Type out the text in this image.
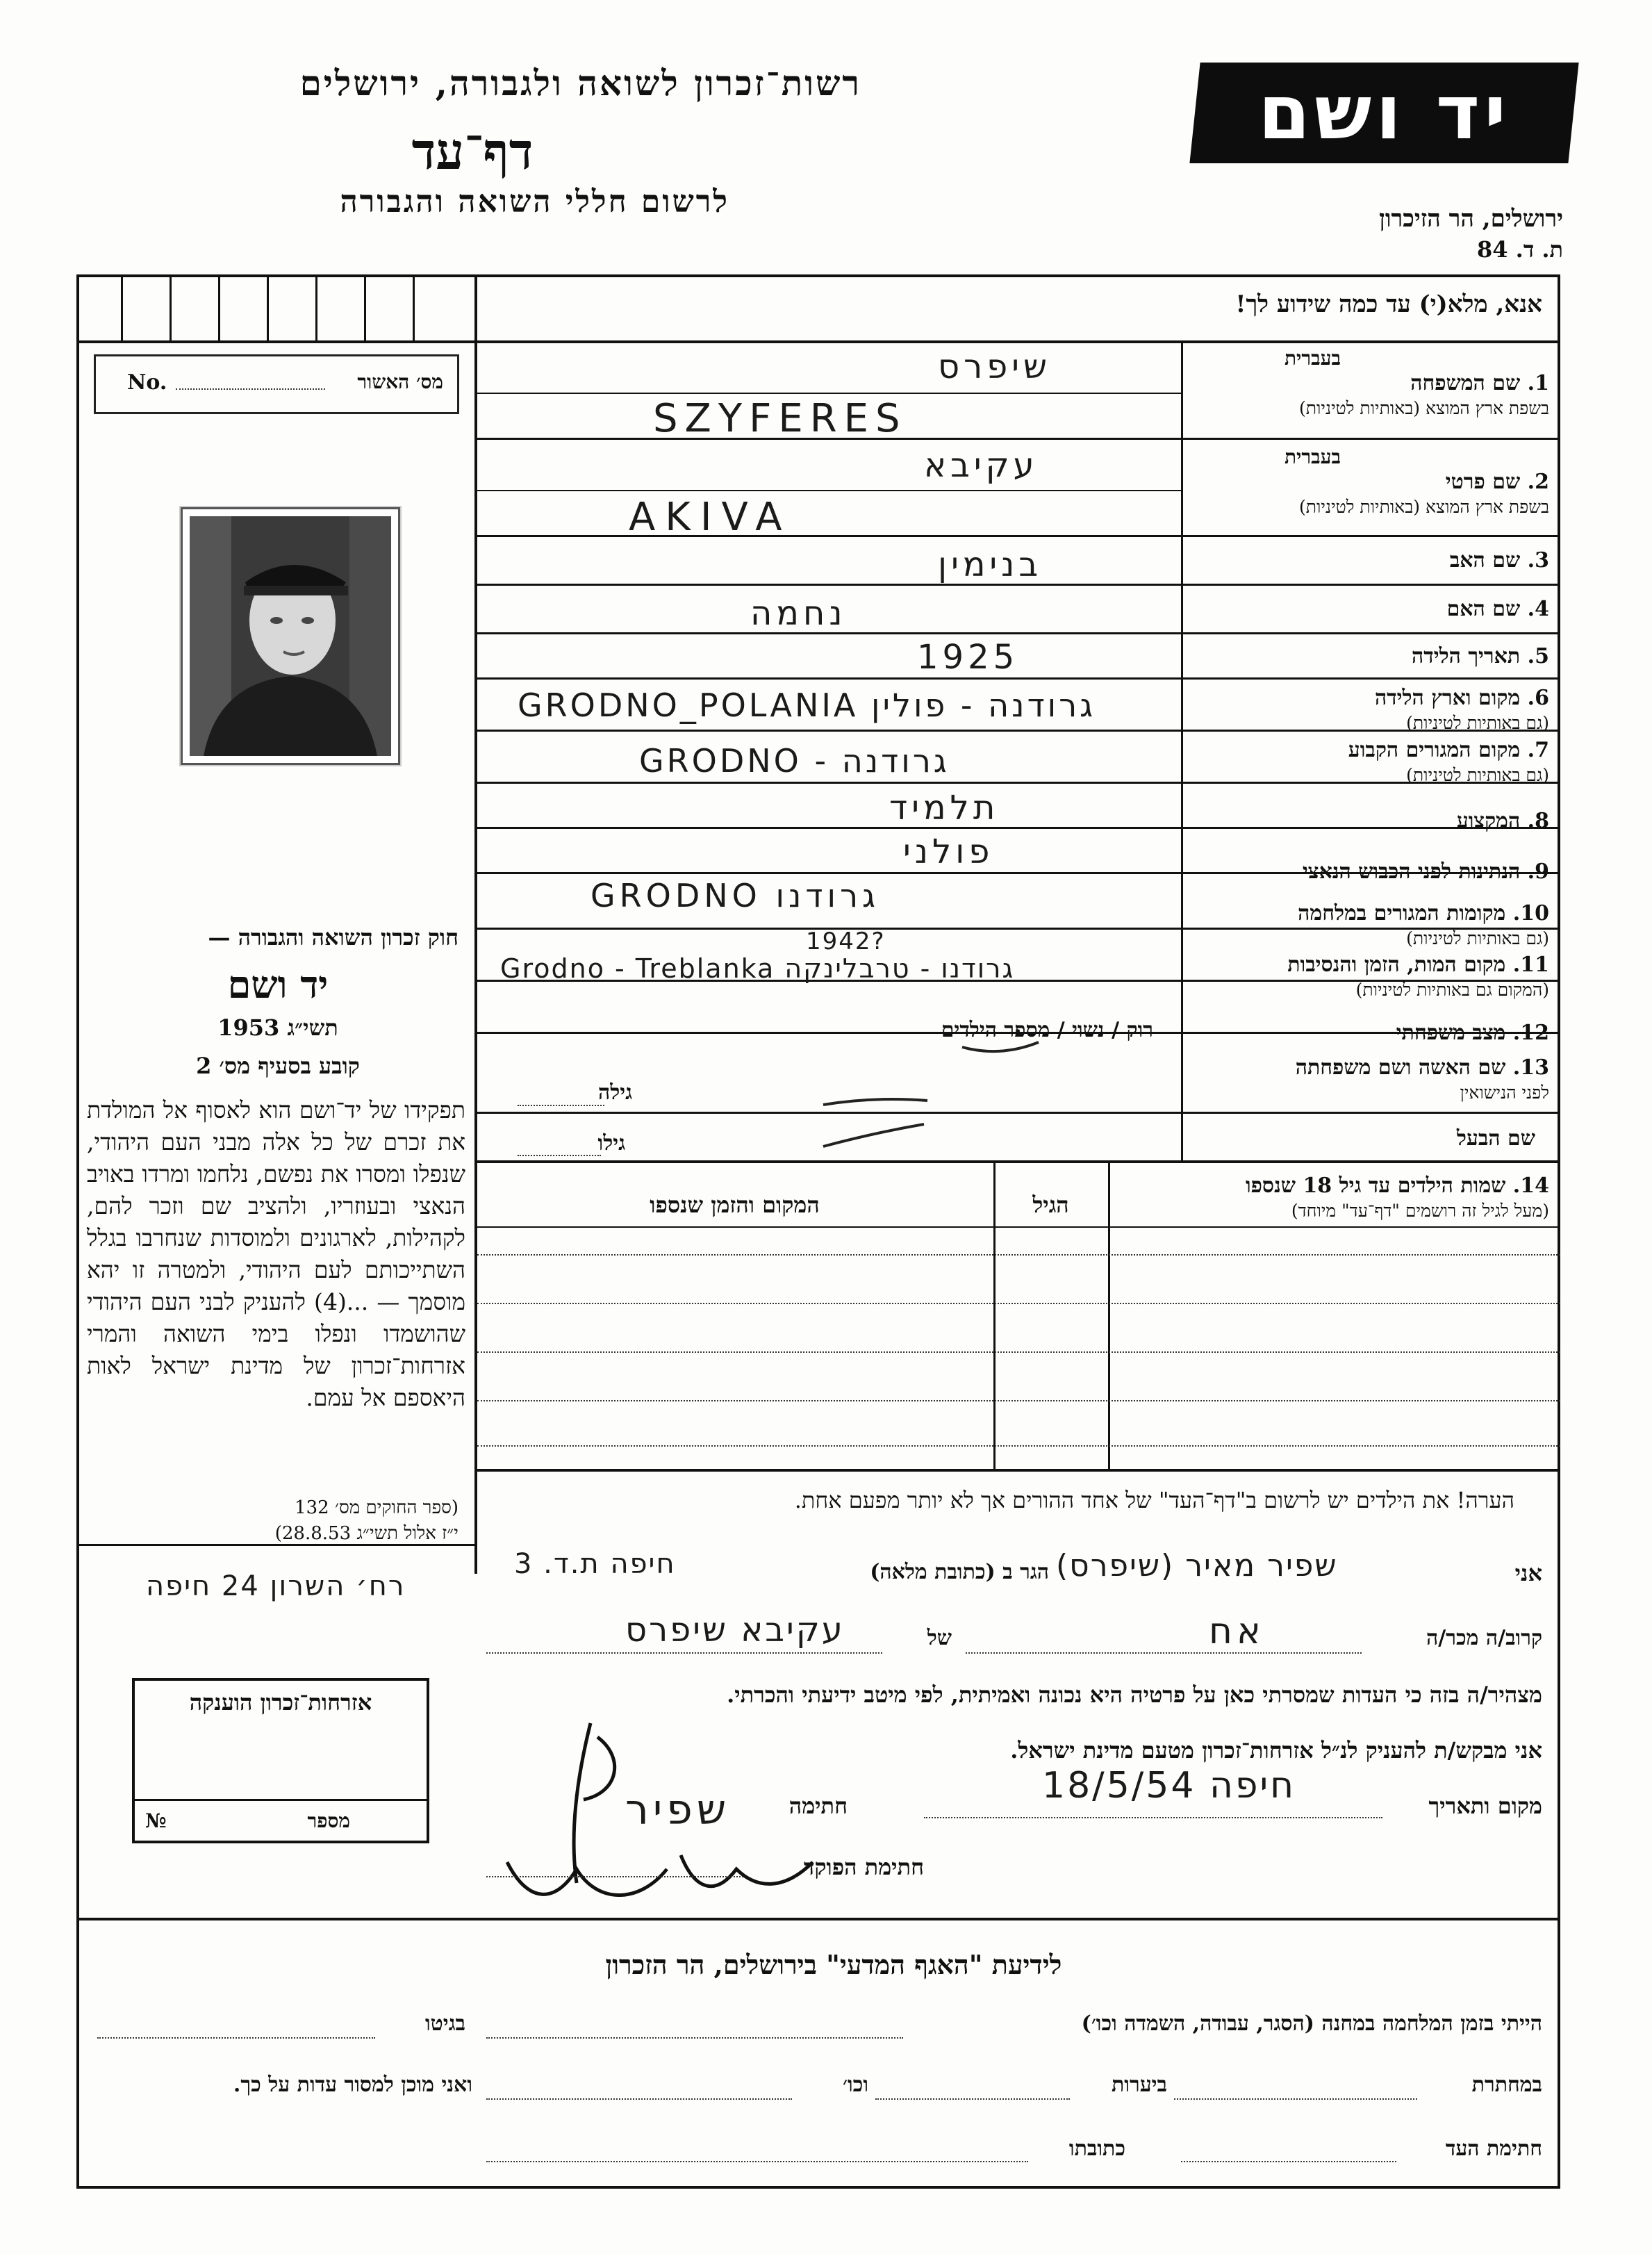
רשות־זכרון לשואה ולגבורה, ירושלים
דף־עד
לרשום חללי השואה והגבורה
יד ושם
ירושלים, הר הזיכרון
ת. ד. 84
אנא, מלא(י) עד כמה שידוע לך!
מס׳ האשור
No.
חוק זכרון השואה והגבורה —
יד ושם
תשי״ג 1953
קובע בסעיף מס׳ 2
תפקידו של יד־ושם הוא לאסוף אל המולדת את זכרם של כל אלה מבני העם היהודי, שנפלו ומסרו את נפשם, נלחמו ומרדו באויב הנאצי ובעוזריו, ולהציב שם וזכר להם, לקהילות, לארגונים ולמוסדות שנחרבו בגלל השתייכותם לעם היהודי, ולמטרה זו יהא מוסמך — ...(4) להעניק לבני העם היהודי שהושמדו ונפלו בימי השואה והמרי אזרחות־זכרון של מדינת ישראל לאות היאספם אל עמם.
(ספר החוקים מס׳ 132
י״ז אלול תשי״ג 28.8.53)
בעברית
1. שם המשפחה
בשפת ארץ המוצא (באותיות לטיניות)
בעברית
2. שם פרטי
בשפת ארץ המוצא (באותיות לטיניות)
3. שם האב
4. שם האם
5. תאריך הלידה
6. מקום וארץ הלידה
(גם באותיות לטיניות)
7. מקום המגורים הקבוע
(גם באותיות לטיניות)
8. המקצוע
9. הנתינות לפני הכבוש הנאצי
10. מקומות המגורים במלחמה
(גם באותיות לטיניות)
11. מקום המות, הזמן והנסיבות
(המקום גם באותיות לטיניות)
12. מצב משפחתי
13. שם האשה ושם משפחתה
לפני הנישואין
שם הבעל
שיפרס
SZYFERES
עקיבא
AKIVA
בנימין
נחמה
1925
GRODNO_POLANIA גרודנה - פולין
GRODNO - גרודנה
תלמיד
פולני
GRODNO גרודנו
1942?
Grodno - Treblanka גרודנו - טרבלינקה
רוק / נשוי / מספר הילדים
גילה
גילו
14. שמות הילדים עד גיל 18 שנספו
(מעל לגיל זה רושמים "דף־עד" מיוחד)
הגיל
המקום והזמן שנספו
הערה! את הילדים יש לרשום ב"דף־העד" של אחד ההורים אך לא יותר מפעם אחת.
אני
שפיר מאיר (שיפרס)
הגר ב (כתובת מלאה)
חיפה ת.ד. 3
רח׳ השרון 24 חיפה
קרוב/ה מכר/ה
אח
של
עקיבא שיפרס
מצהיר/ה בזה כי העדות שמסרתי כאן על פרטיה היא נכונה ואמיתית, לפי מיטב ידיעתי והכרתי.
אני מבקש/ת להעניק לנ״ל אזרחות־זכרון מטעם מדינת ישראל.
מקום ותאריך
חיפה 18/5/54
חתימה
שפיר
חתימת הפוקד
אזרחות־זכרון הוענקה
מספר
№
לידיעת "האגף המדעי" בירושלים, הר הזכרון
הייתי בזמן המלחמה במחנה (הסגר, עבודה, השמדה וכו׳)
בגיטו
במחתרת
ביערות
וכו׳
ואני מוכן למסור עדות על כך.
חתימת העד
כתובתו
